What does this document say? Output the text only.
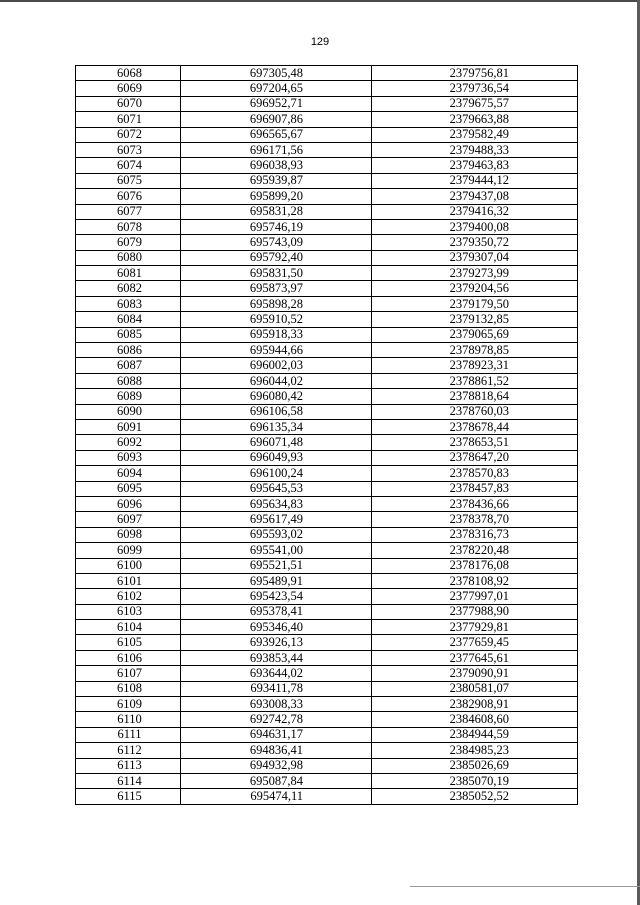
129
6068	697305,48	2379756,81
6069	697204,65	2379736,54
6070	696952,71	2379675,57
6071	696907,86	2379663,88
6072	696565,67	2379582,49
6073	696171,56	2379488,33
6074	696038,93	2379463,83
6075	695939,87	2379444,12
6076	695899,20	2379437,08
6077	695831,28	2379416,32
6078	695746,19	2379400,08
6079	695743,09	2379350,72
6080	695792,40	2379307,04
6081	695831,50	2379273,99
6082	695873,97	2379204,56
6083	695898,28	2379179,50
6084	695910,52	2379132,85
6085	695918,33	2379065,69
6086	695944,66	2378978,85
6087	696002,03	2378923,31
6088	696044,02	2378861,52
6089	696080,42	2378818,64
6090	696106,58	2378760,03
6091	696135,34	2378678,44
6092	696071,48	2378653,51
6093	696049,93	2378647,20
6094	696100,24	2378570,83
6095	695645,53	2378457,83
6096	695634,83	2378436,66
6097	695617,49	2378378,70
6098	695593,02	2378316,73
6099	695541,00	2378220,48
6100	695521,51	2378176,08
6101	695489,91	2378108,92
6102	695423,54	2377997,01
6103	695378,41	2377988,90
6104	695346,40	2377929,81
6105	693926,13	2377659,45
6106	693853,44	2377645,61
6107	693644,02	2379090,91
6108	693411,78	2380581,07
6109	693008,33	2382908,91
6110	692742,78	2384608,60
6111	694631,17	2384944,59
6112	694836,41	2384985,23
6113	694932,98	2385026,69
6114	695087,84	2385070,19
6115	695474,11	2385052,52
